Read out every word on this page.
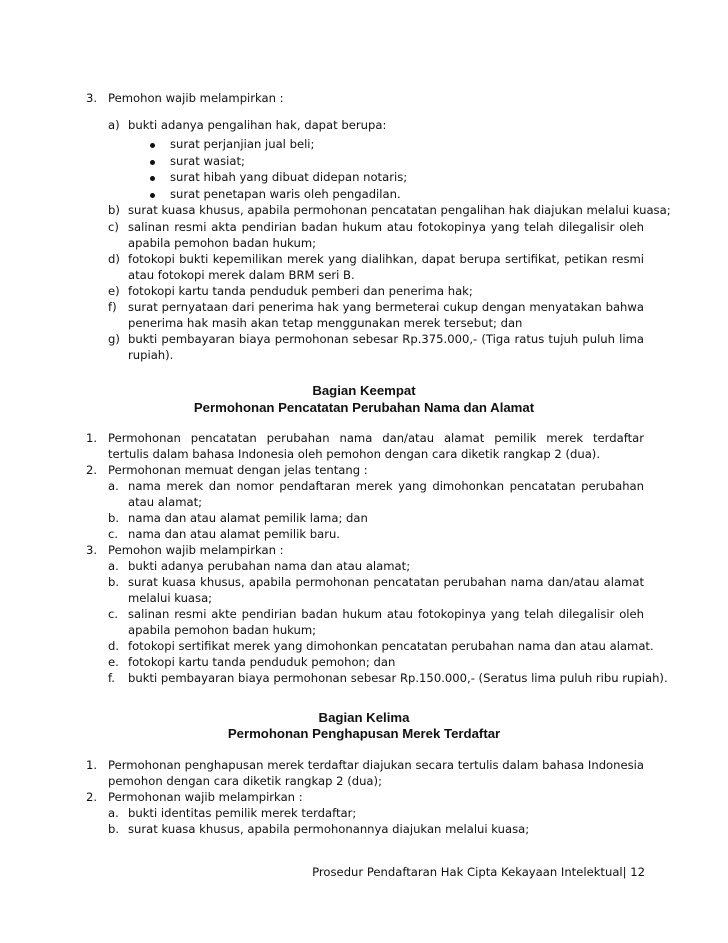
3. Pemohon wajib melampirkan :
a) bukti adanya pengalihan hak, dapat berupa:
surat perjanjian jual beli;
surat wasiat;
surat hibah yang dibuat didepan notaris;
surat penetapan waris oleh pengadilan.
b) surat kuasa khusus, apabila permohonan pencatatan pengalihan hak diajukan melalui kuasa;
c) salinan resmi akta pendirian badan hukum atau fotokopinya yang telah dilegalisir oleh
apabila pemohon badan hukum;
d) fotokopi bukti kepemilikan merek yang dialihkan, dapat berupa sertifikat, petikan resmi
atau fotokopi merek dalam BRM seri B.
e) fotokopi kartu tanda penduduk pemberi dan penerima hak;
f) surat pernyataan dari penerima hak yang bermeterai cukup dengan menyatakan bahwa
penerima hak masih akan tetap menggunakan merek tersebut; dan
g) bukti pembayaran biaya permohonan sebesar Rp.375.000,- (Tiga ratus tujuh puluh lima
rupiah).
Bagian Keempat
Permohonan Pencatatan Perubahan Nama dan Alamat
1. Permohonan pencatatan perubahan nama dan/atau alamat pemilik merek terdaftar
tertulis dalam bahasa Indonesia oleh pemohon dengan cara diketik rangkap 2 (dua).
2. Permohonan memuat dengan jelas tentang :
a. nama merek dan nomor pendaftaran merek yang dimohonkan pencatatan perubahan
atau alamat;
b. nama dan atau alamat pemilik lama; dan
c. nama dan atau alamat pemilik baru.
3. Pemohon wajib melampirkan :
a. bukti adanya perubahan nama dan atau alamat;
b. surat kuasa khusus, apabila permohonan pencatatan perubahan nama dan/atau alamat
melalui kuasa;
c. salinan resmi akte pendirian badan hukum atau fotokopinya yang telah dilegalisir oleh
apabila pemohon badan hukum;
d. fotokopi sertifikat merek yang dimohonkan pencatatan perubahan nama dan atau alamat.
e. fotokopi kartu tanda penduduk pemohon; dan
f. bukti pembayaran biaya permohonan sebesar Rp.150.000,- (Seratus lima puluh ribu rupiah).
Bagian Kelima
Permohonan Penghapusan Merek Terdaftar
1. Permohonan penghapusan merek terdaftar diajukan secara tertulis dalam bahasa Indonesia
pemohon dengan cara diketik rangkap 2 (dua);
2. Permohonan wajib melampirkan :
a. bukti identitas pemilik merek terdaftar;
b. surat kuasa khusus, apabila permohonannya diajukan melalui kuasa;
Prosedur Pendaftaran Hak Cipta Kekayaan Intelektual| 12
